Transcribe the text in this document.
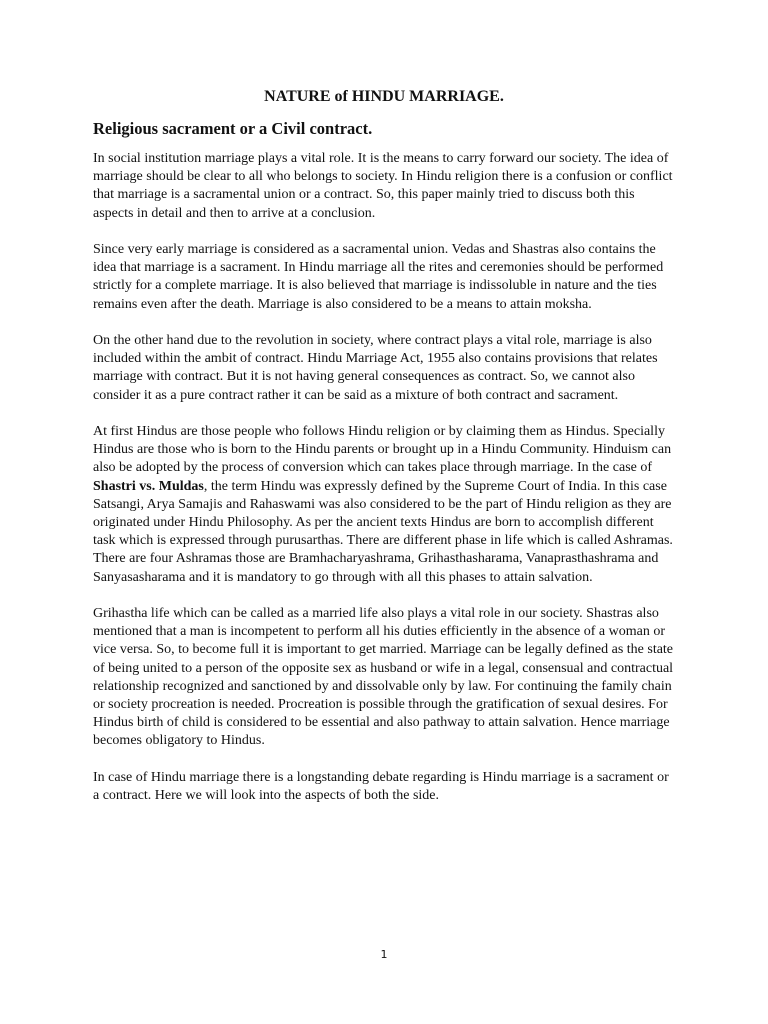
NATURE of HINDU MARRIAGE.
Religious sacrament or a Civil contract.

In social institution marriage plays a vital role. It is the means to carry forward our society. The idea of marriage should be clear to all who belongs to society. In Hindu religion there is a confusion or conflict that marriage is a sacramental union or a contract. So, this paper mainly tried to discuss both this aspects in detail and then to arrive at a conclusion.

Since very early marriage is considered as a sacramental union. Vedas and Shastras also contains the idea that marriage is a sacrament. In Hindu marriage all the rites and ceremonies should be performed strictly for a complete marriage. It is also believed that marriage is indissoluble in nature and the ties remains even after the death. Marriage is also considered to be a means to attain moksha.

On the other hand due to the revolution in society, where contract plays a vital role, marriage is also included within the ambit of contract. Hindu Marriage Act, 1955 also contains provisions that relates marriage with contract. But it is not having general consequences as contract. So, we cannot also consider it as a pure contract rather it can be said as a mixture of both contract and sacrament.

At first Hindus are those people who follows Hindu religion or by claiming them as Hindus. Specially Hindus are those who is born to the Hindu parents or brought up in a Hindu Community. Hinduism can also be adopted by the process of conversion which can takes place through marriage. In the case of Shastri vs. Muldas, the term Hindu was expressly defined by the Supreme Court of India. In this case Satsangi, Arya Samajis and Rahaswami was also considered to be the part of Hindu religion as they are originated under Hindu Philosophy. As per the ancient texts Hindus are born to accomplish different task which is expressed through purusarthas. There are different phase in life which is called Ashramas. There are four Ashramas those are Bramhacharyashrama, Grihasthasharama, Vanaprasthashrama and Sanyasasharama and it is mandatory to go through with all this phases to attain salvation.

Grihastha life which can be called as a married life also plays a vital role in our society. Shastras also mentioned that a man is incompetent to perform all his duties efficiently in the absence of a woman or vice versa. So, to become full it is important to get married. Marriage can be legally defined as the state of being united to a person of the opposite sex as husband or wife in a legal, consensual and contractual relationship recognized and sanctioned by and dissolvable only by law. For continuing the family chain or society procreation is needed. Procreation is possible through the gratification of sexual desires. For Hindus birth of child is considered to be essential and also pathway to attain salvation. Hence marriage becomes obligatory to Hindus.

In case of Hindu marriage there is a longstanding debate regarding is Hindu marriage is a sacrament or a contract. Here we will look into the aspects of both the side.

1
